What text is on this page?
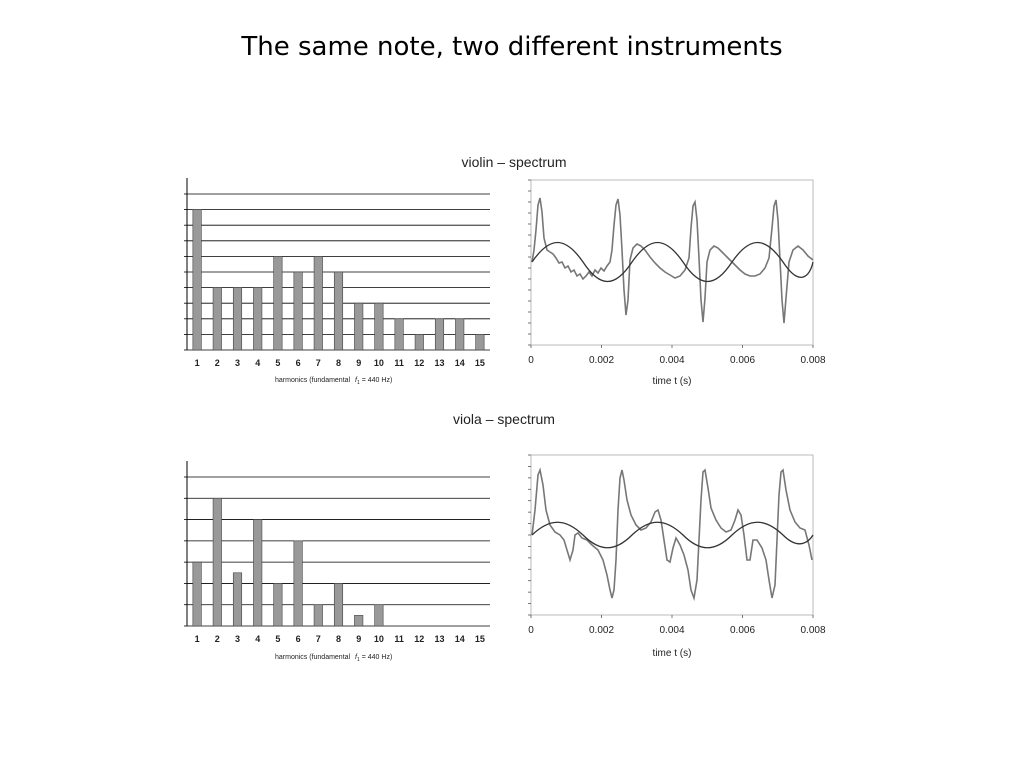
The same note, two different instruments
violin – spectrum
1 2 3 4 5 6 7 8 9 10 11 12 13 14 15
harmonics (fundamental $f_1 = 440$ Hz)
0	0.002	0.004	0.006	0.008
time t (s)
viola – spectrum
1 2 3 4 5 6 7 8 9 10 11 12 13 14 15
harmonics (fundamental $f_1 = 440$ Hz)
0	0.002	0.004	0.006	0.008
time t (s)
